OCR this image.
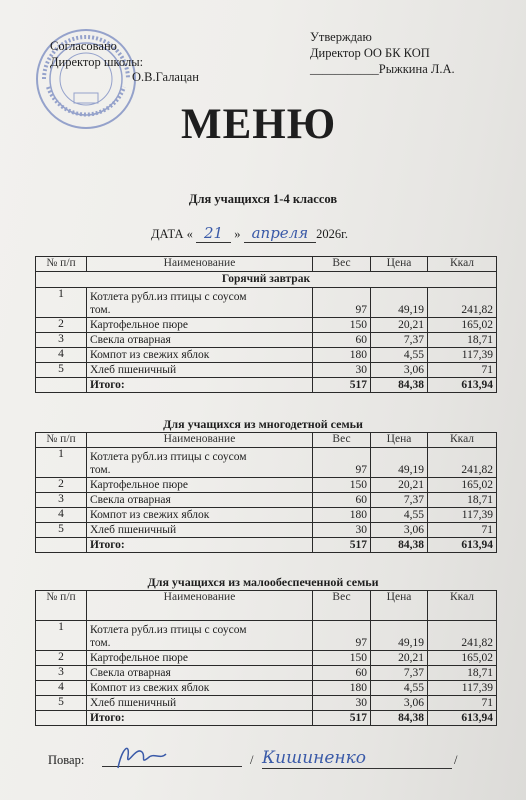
Согласовано
Директор школы:
О.В.Галацан
Утверждаю
Директор ОО БК КОП
___________Рыжкина Л.А.
МЕНЮ
Для учащихся 1-4 классов
ДАТА « 21 » апреля 2026г.
№ п/п	Наименование	Вес	Цена	Ккал
Горячий завтрак				
1	Котлета рубл.из птицы с соусом
том.	97	49,19	241,82
2	Картофельное пюре	150	20,21	165,02
3	Свекла отварная	60	7,37	18,71
4	Компот из свежих яблок	180	4,55	117,39
5	Хлеб пшеничный	30	3,06	71
	Итого:	517	84,38	613,94
Для учащихся из многодетной семьи
№ п/п	Наименование	Вес	Цена	Ккал
1	Котлета рубл.из птицы с соусом
том.	97	49,19	241,82
2	Картофельное пюре	150	20,21	165,02
3	Свекла отварная	60	7,37	18,71
4	Компот из свежих яблок	180	4,55	117,39
5	Хлеб пшеничный	30	3,06	71
	Итого:	517	84,38	613,94
Для учащихся из малообеспеченной семьи
№ п/п	Наименование	Вес	Цена	Ккал
1	Котлета рубл.из птицы с соусом
том.	97	49,19	241,82
2	Картофельное пюре	150	20,21	165,02
3	Свекла отварная	60	7,37	18,71
4	Компот из свежих яблок	180	4,55	117,39
5	Хлеб пшеничный	30	3,06	71
	Итого:	517	84,38	613,94
Повар:	/ Кишиненко	/
